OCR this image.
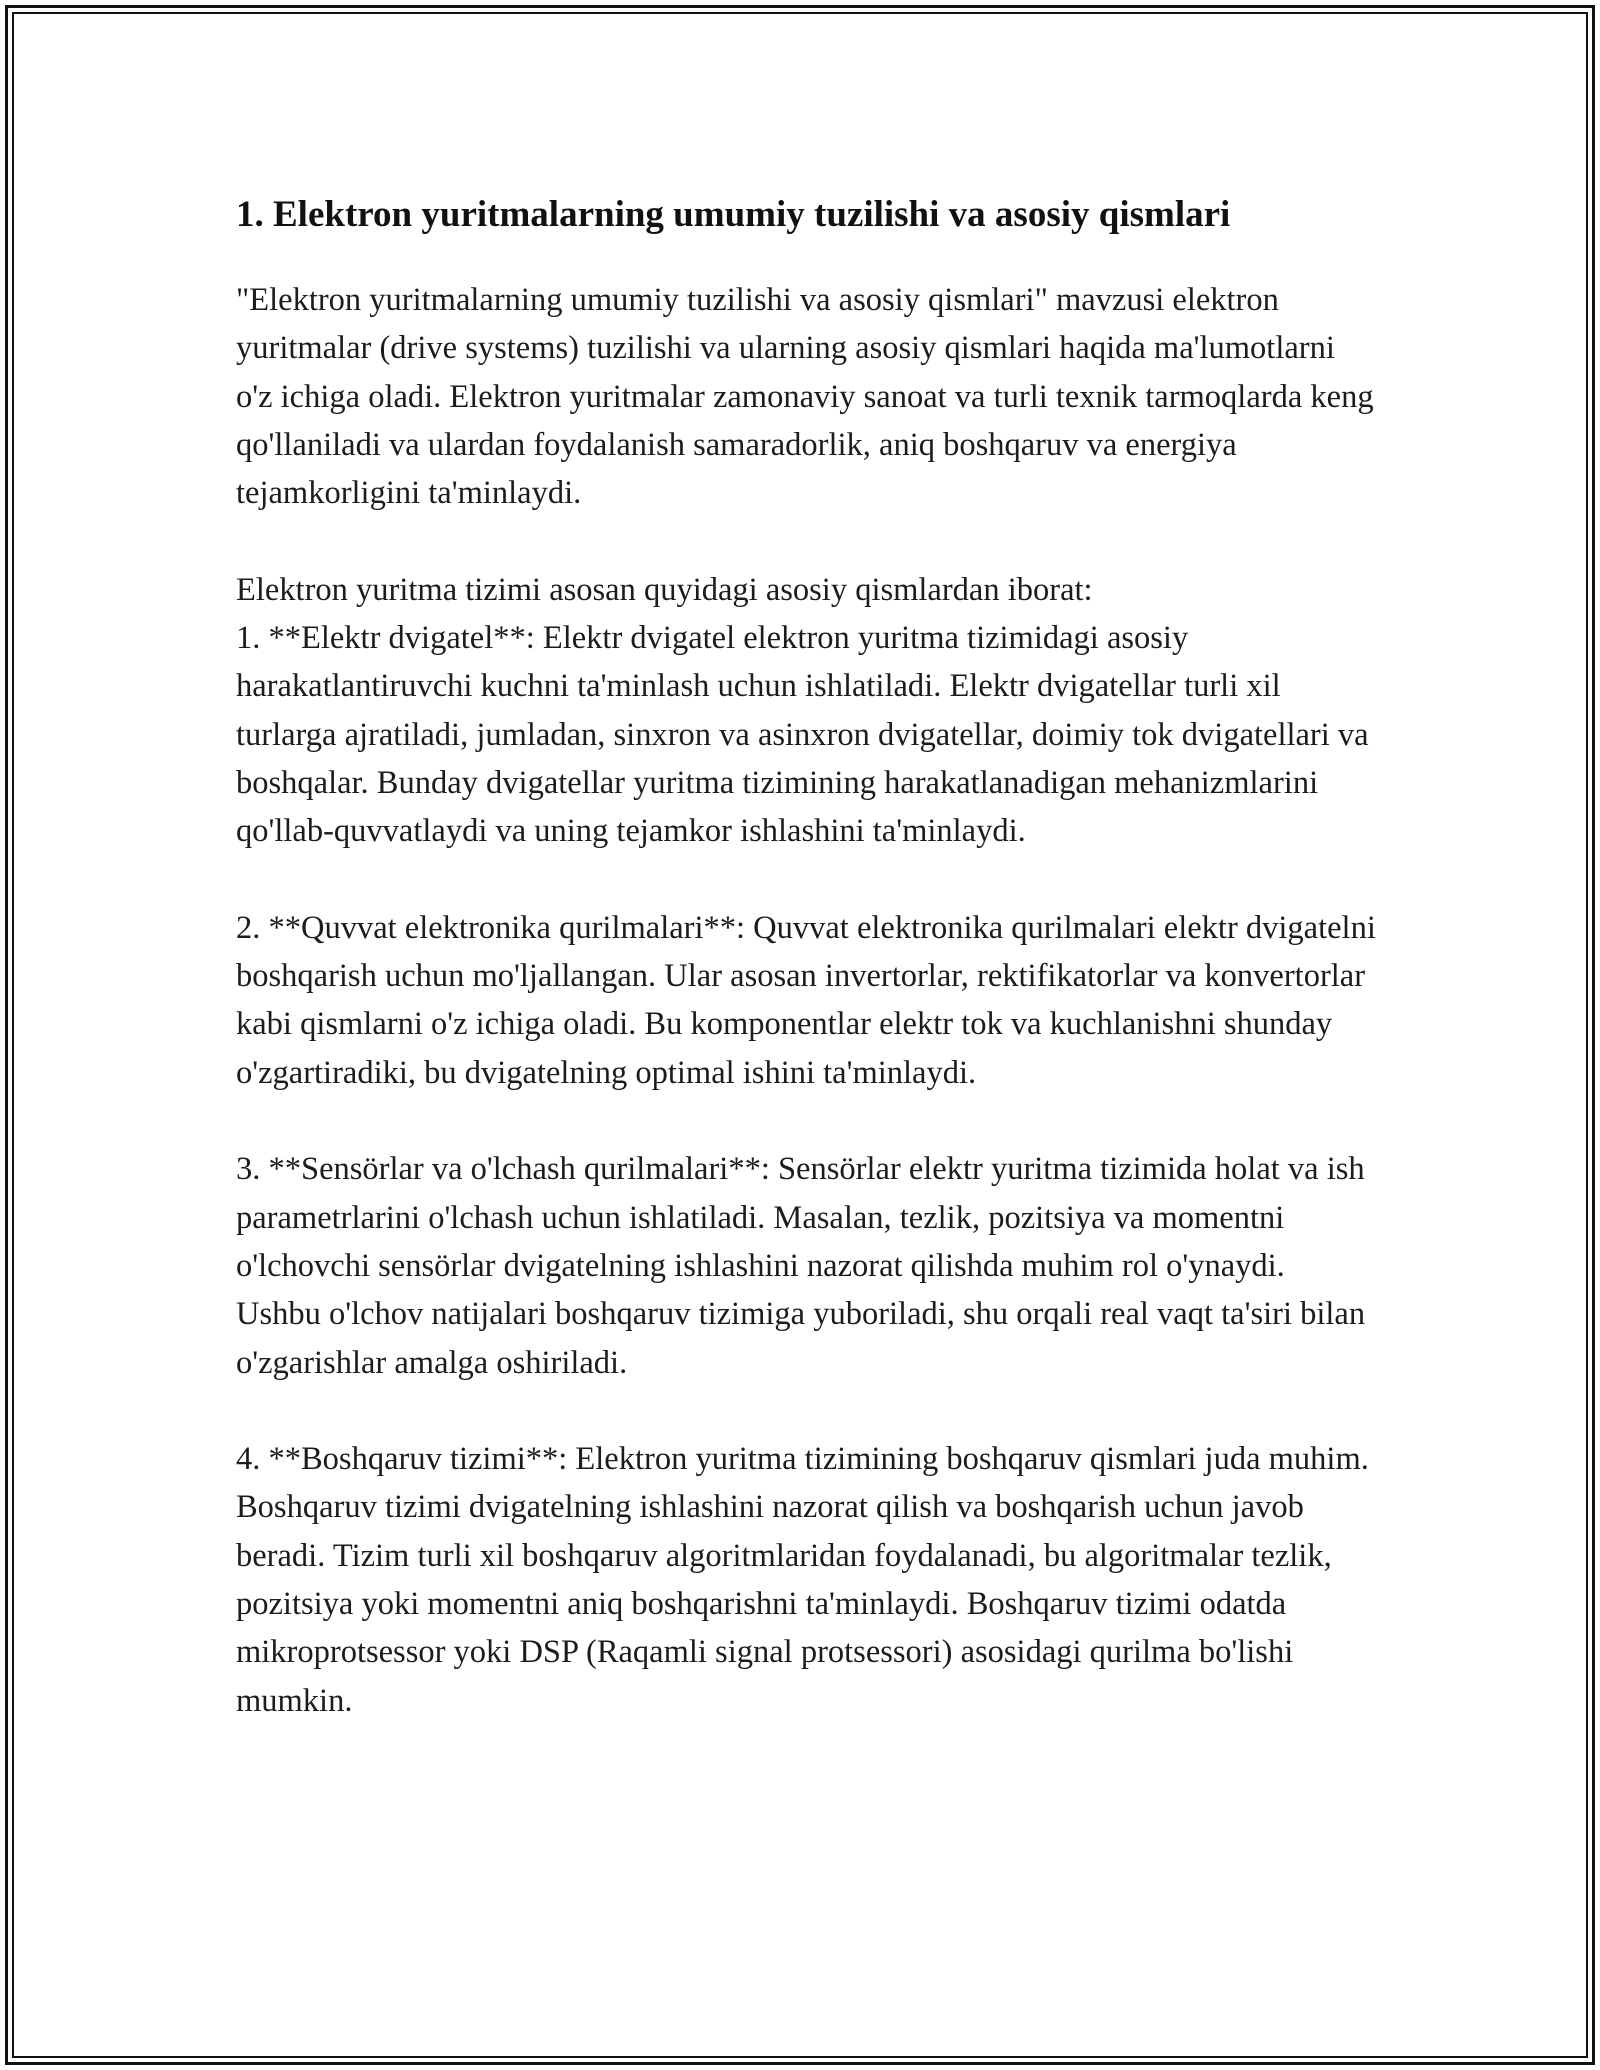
1. Elektron yuritmalarning umumiy tuzilishi va asosiy qismlari

"Elektron yuritmalarning umumiy tuzilishi va asosiy qismlari" mavzusi elektron yuritmalar (drive systems) tuzilishi va ularning asosiy qismlari haqida ma'lumotlarni o'z ichiga oladi. Elektron yuritmalar zamonaviy sanoat va turli texnik tarmoqlarda keng qo'llaniladi va ulardan foydalanish samaradorlik, aniq boshqaruv va energiya tejamkorligini ta'minlaydi.

Elektron yuritma tizimi asosan quyidagi asosiy qismlardan iborat:

1. **Elektr dvigatel**: Elektr dvigatel elektron yuritma tizimidagi asosiy harakatlantiruvchi kuchni ta'minlash uchun ishlatiladi. Elektr dvigatellar turli xil turlarga ajratiladi, jumladan, sinxron va asinxron dvigatellar, doimiy tok dvigatellari va boshqalar. Bunday dvigatellar yuritma tizimining harakatlanadigan mehanizmlarini qo'llab-quvvatlaydi va uning tejamkor ishlashini ta'minlaydi.

2. **Quvvat elektronika qurilmalari**: Quvvat elektronika qurilmalari elektr dvigatelni boshqarish uchun mo'ljallangan. Ular asosan invertorlar, rektifikatorlar va konvertorlar kabi qismlarni o'z ichiga oladi. Bu komponentlar elektr tok va kuchlanishni shunday o'zgartiradiki, bu dvigatelning optimal ishini ta'minlaydi.

3. **Sensörlar va o'lchash qurilmalari**: Sensörlar elektr yuritma tizimida holat va ish parametrlarini o'lchash uchun ishlatiladi. Masalan, tezlik, pozitsiya va momentni o'lchovchi sensörlar dvigatelning ishlashini nazorat qilishda muhim rol o'ynaydi. Ushbu o'lchov natijalari boshqaruv tizimiga yuboriladi, shu orqali real vaqt ta'siri bilan o'zgarishlar amalga oshiriladi.

4. **Boshqaruv tizimi**: Elektron yuritma tizimining boshqaruv qismlari juda muhim. Boshqaruv tizimi dvigatelning ishlashini nazorat qilish va boshqarish uchun javob beradi. Tizim turli xil boshqaruv algoritmlaridan foydalanadi, bu algoritmalar tezlik, pozitsiya yoki momentni aniq boshqarishni ta'minlaydi. Boshqaruv tizimi odatda mikroprotsessor yoki DSP (Raqamli signal protsessori) asosidagi qurilma bo'lishi mumkin.
